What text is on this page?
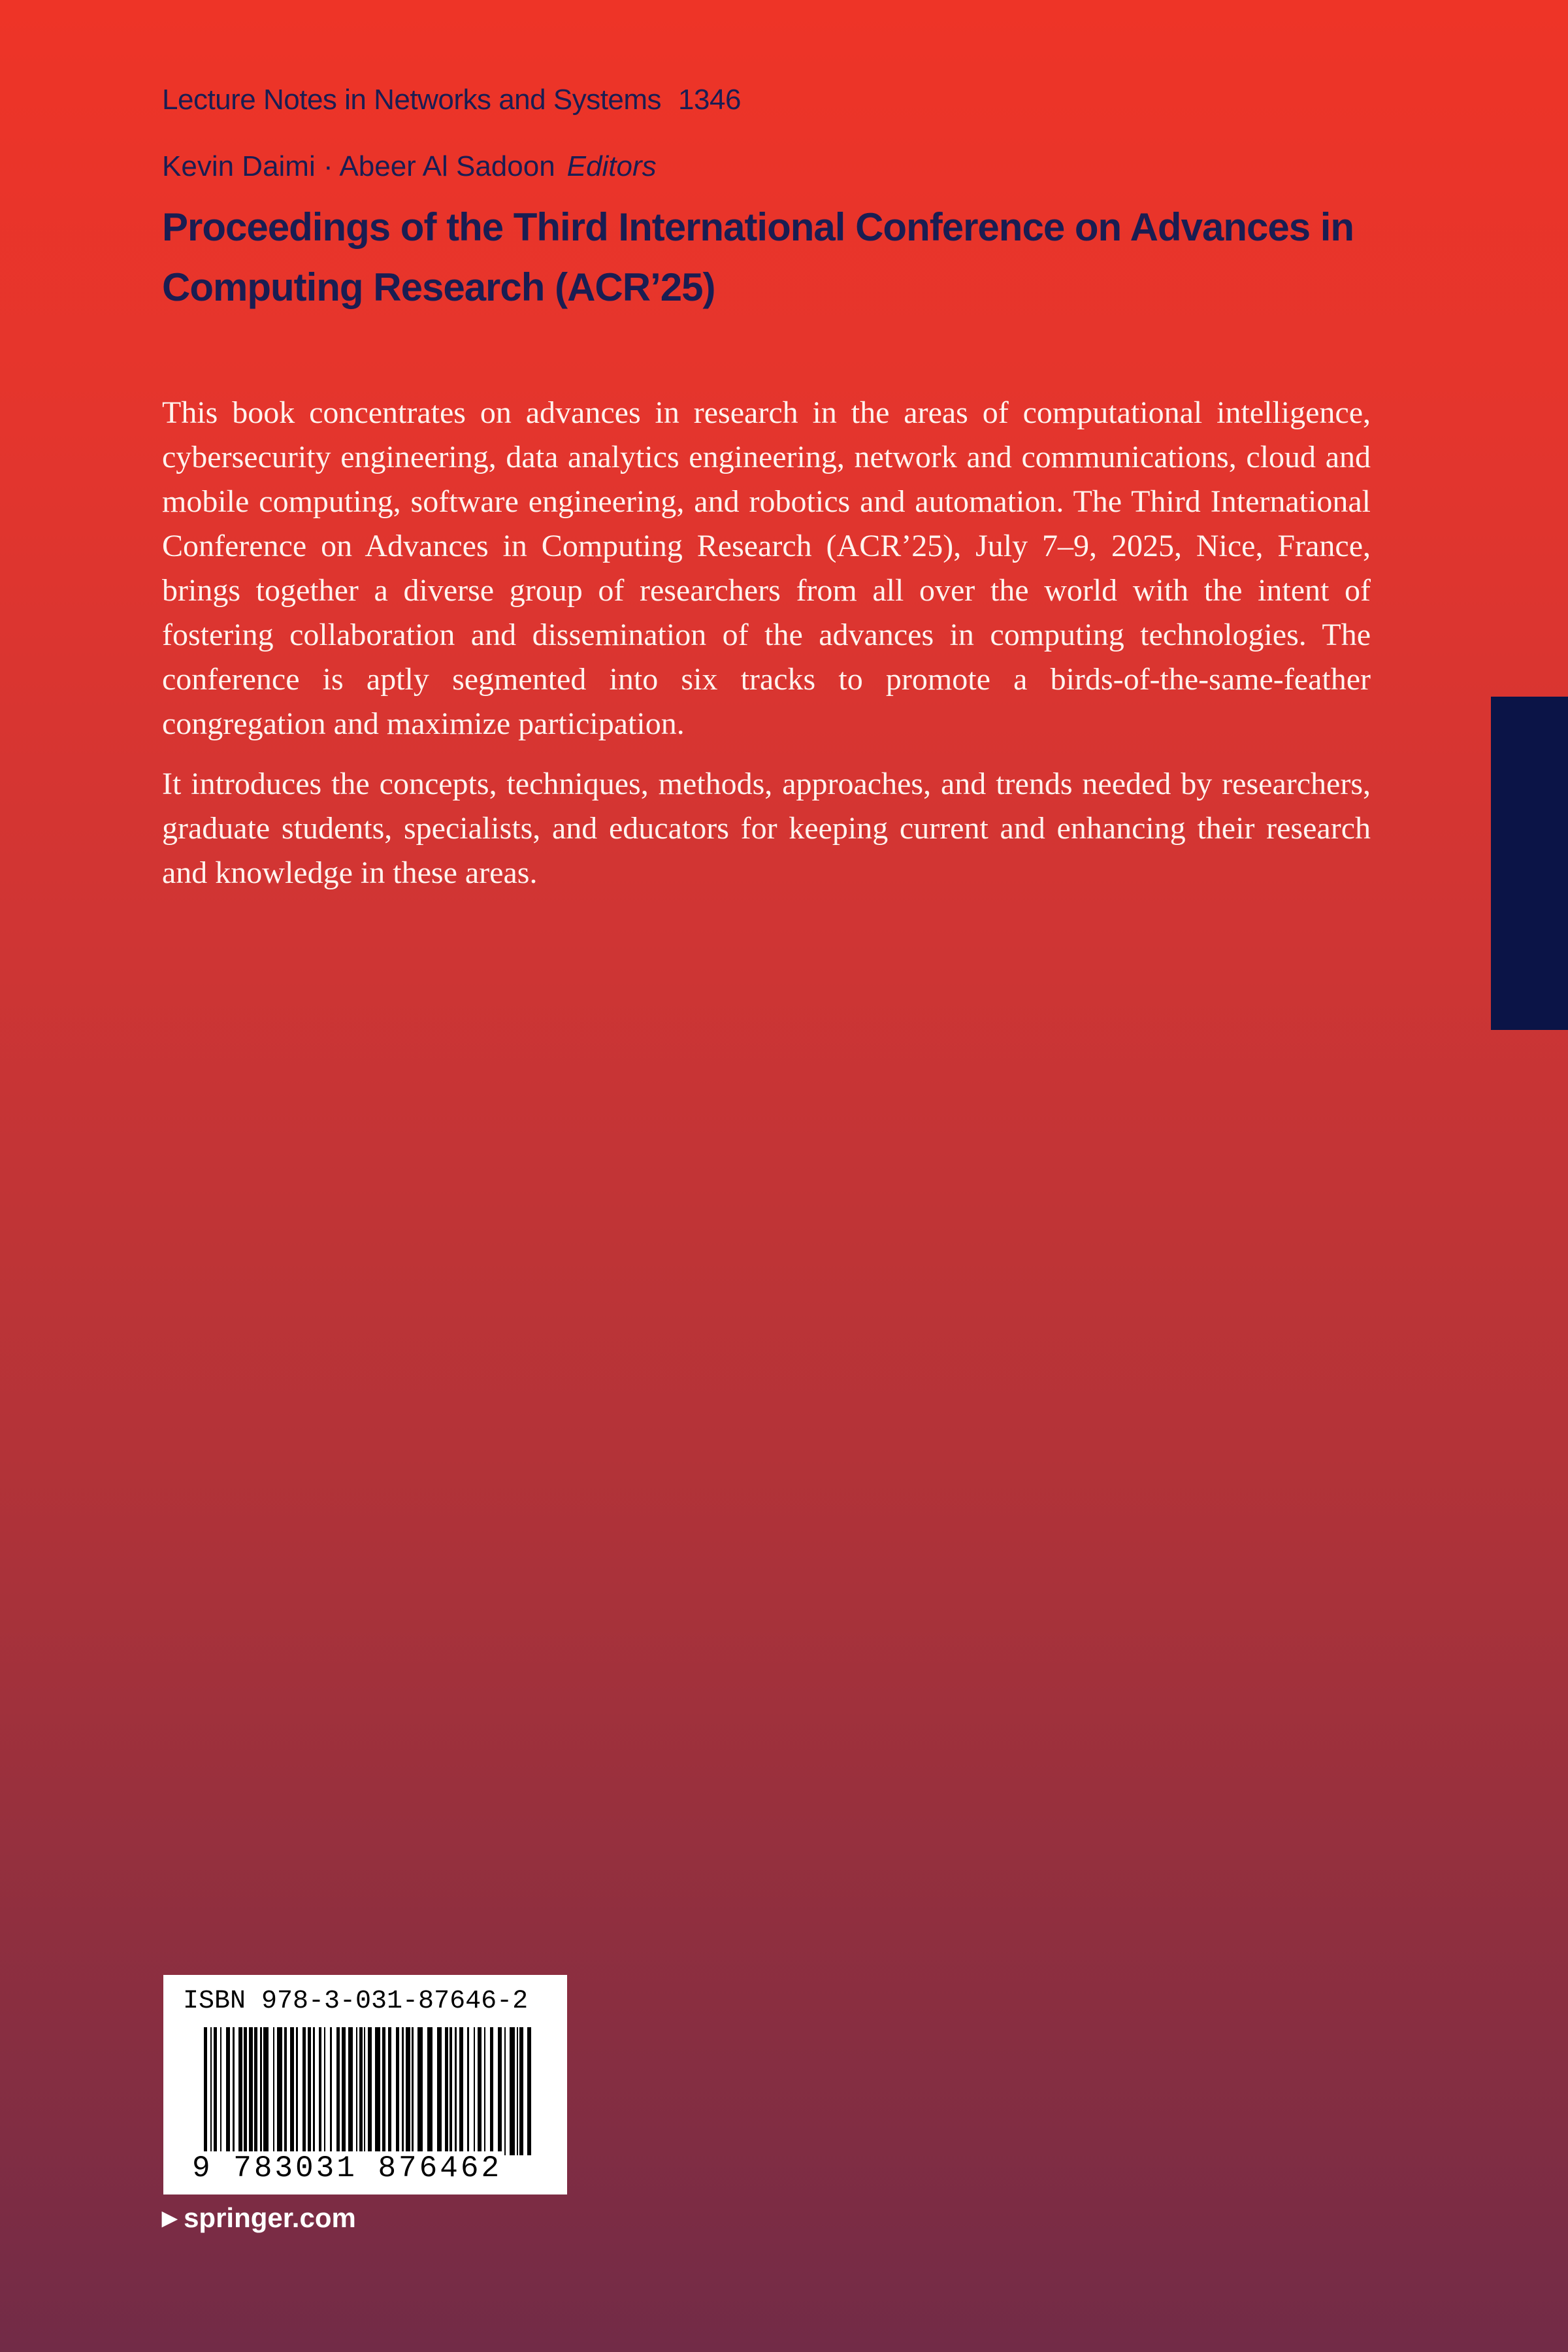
Lecture Notes in Networks and Systems 1346
Kevin Daimi · Abeer Al Sadoon Editors
Proceedings of the Third International Conference on Advances in Computing Research (ACR’25)

This book concentrates on advances in research in the areas of computational intelligence, cybersecurity engineering, data analytics engineering, network and communications, cloud and mobile computing, software engineering, and robotics and automation. The Third International Conference on Advances in Computing Research (ACR’25), July 7–9, 2025, Nice, France, brings together a diverse group of researchers from all over the world with the intent of fostering collaboration and dissemination of the advances in computing technologies. The conference is aptly segmented into six tracks to promote a birds-of-the-same-feather congregation and maximize participation.

It introduces the concepts, techniques, methods, approaches, and trends needed by researchers, graduate students, specialists, and educators for keeping current and enhancing their research and knowledge in these areas.

ISBN 978-3-031-87646-2
9 783031 876462
▶ springer.com
